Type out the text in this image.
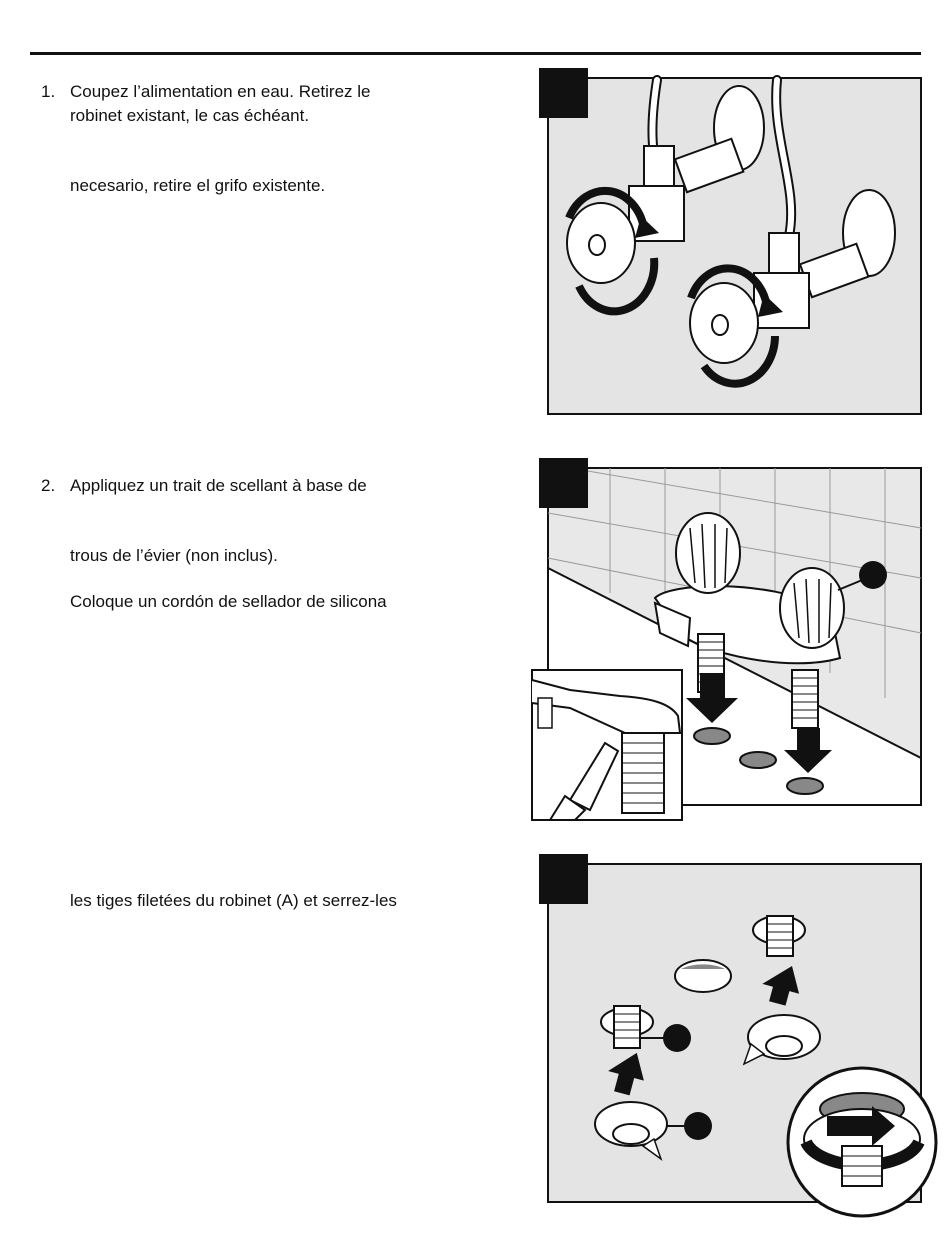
1. Coupez l’alimentation en eau. Retirez le
robinet existant, le cas échéant.
necesario, retire el grifo existente.
2. Appliquez un trait de scellant à base de
trous de l’évier (non inclus).
Coloque un cordón de sellador de silicona
les tiges filetées du robinet (A) et serrez-les
